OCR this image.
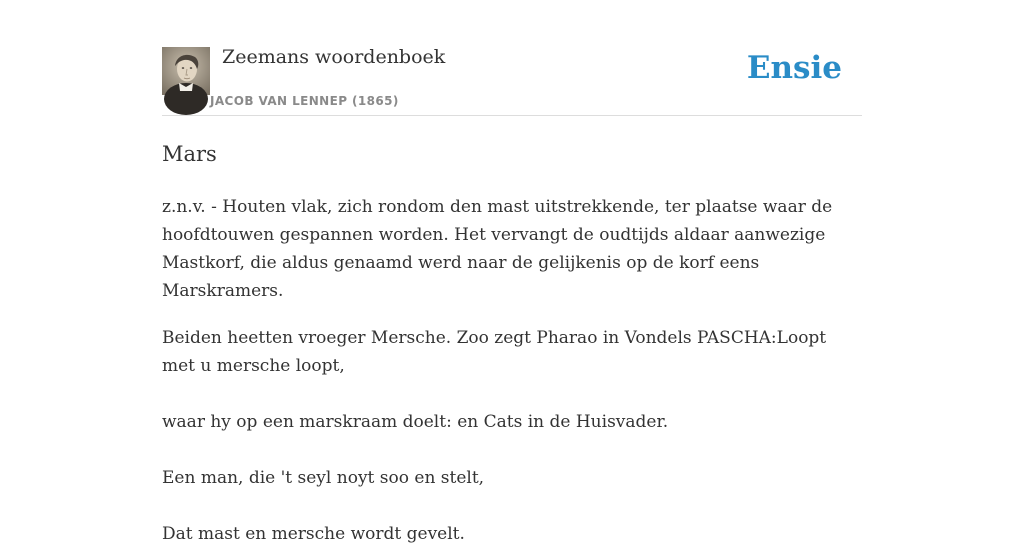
Zeemans woordenboek
JACOB VAN LENNEP (1865)
Ensie
Mars

z.n.v. - Houten vlak, zich rondom den mast uitstrekkende, ter plaatse waar de hoofdtouwen gespannen worden. Het vervangt de oudtijds aldaar aanwezige Mastkorf, die aldus genaamd werd naar de gelijkenis op de korf eens Marskramers.

Beiden heetten vroeger Mersche. Zoo zegt Pharao in Vondels PASCHA:Loopt met u mersche loopt,

waar hy op een marskraam doelt: en Cats in de Huisvader.

Een man, die 't seyl noyt soo en stelt,

Dat mast en mersche wordt gevelt.
